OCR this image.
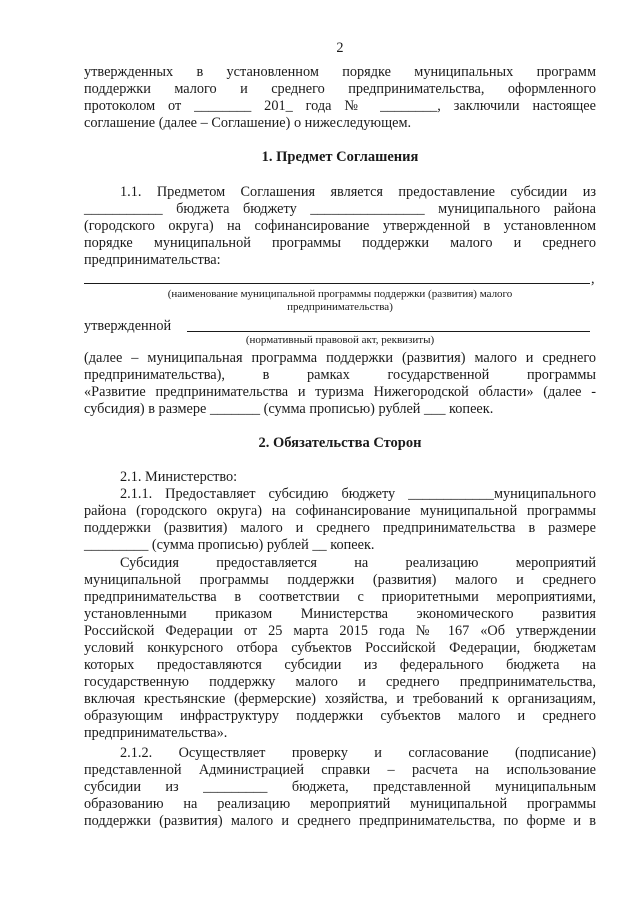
2
утвержденных в установленном порядке муниципальных программ
поддержки малого и среднего предпринимательства, оформленного
протоколом от ________ 201_ года № ________, заключили настоящее
соглашение (далее – Соглашение) о нижеследующем.
1. Предмет Соглашения
1.1. Предметом Соглашения является предоставление субсидии из
___________ бюджета бюджету ________________ муниципального района
(городского округа) на софинансирование утвержденной в установленном
порядке муниципальной программы поддержки малого и среднего
предпринимательства:
,
(наименование муниципальной программы поддержки (развития) малого
предпринимательства)
утвержденной
(нормативный правовой акт, реквизиты)
(далее – муниципальная программа поддержки (развития) малого и среднего
предпринимательства), в рамках государственной программы
«Развитие предпринимательства и туризма Нижегородской области» (далее -
субсидия) в размере _______ (сумма прописью) рублей ___ копеек.
2. Обязательства Сторон
2.1. Министерство:
2.1.1. Предоставляет субсидию бюджету ____________муниципального
района (городского округа) на софинансирование муниципальной программы
поддержки (развития) малого и среднего предпринимательства в размере
_________ (сумма прописью) рублей __ копеек.
Субсидия предоставляется на реализацию мероприятий
муниципальной программы поддержки (развития) малого и среднего
предпринимательства в соответствии с приоритетными мероприятиями,
установленными приказом Министерства экономического развития
Российской Федерации от 25 марта 2015 года № 167 «Об утверждении
условий конкурсного отбора субъектов Российской Федерации, бюджетам
которых предоставляются субсидии из федерального бюджета на
государственную поддержку малого и среднего предпринимательства,
включая крестьянские (фермерские) хозяйства, и требований к организациям,
образующим инфраструктуру поддержки субъектов малого и среднего
предпринимательства».
2.1.2. Осуществляет проверку и согласование (подписание)
представленной Администрацией справки – расчета на использование
субсидии из _________ бюджета, представленной муниципальным
образованию на реализацию мероприятий муниципальной программы
поддержки (развития) малого и среднего предпринимательства, по форме и в
